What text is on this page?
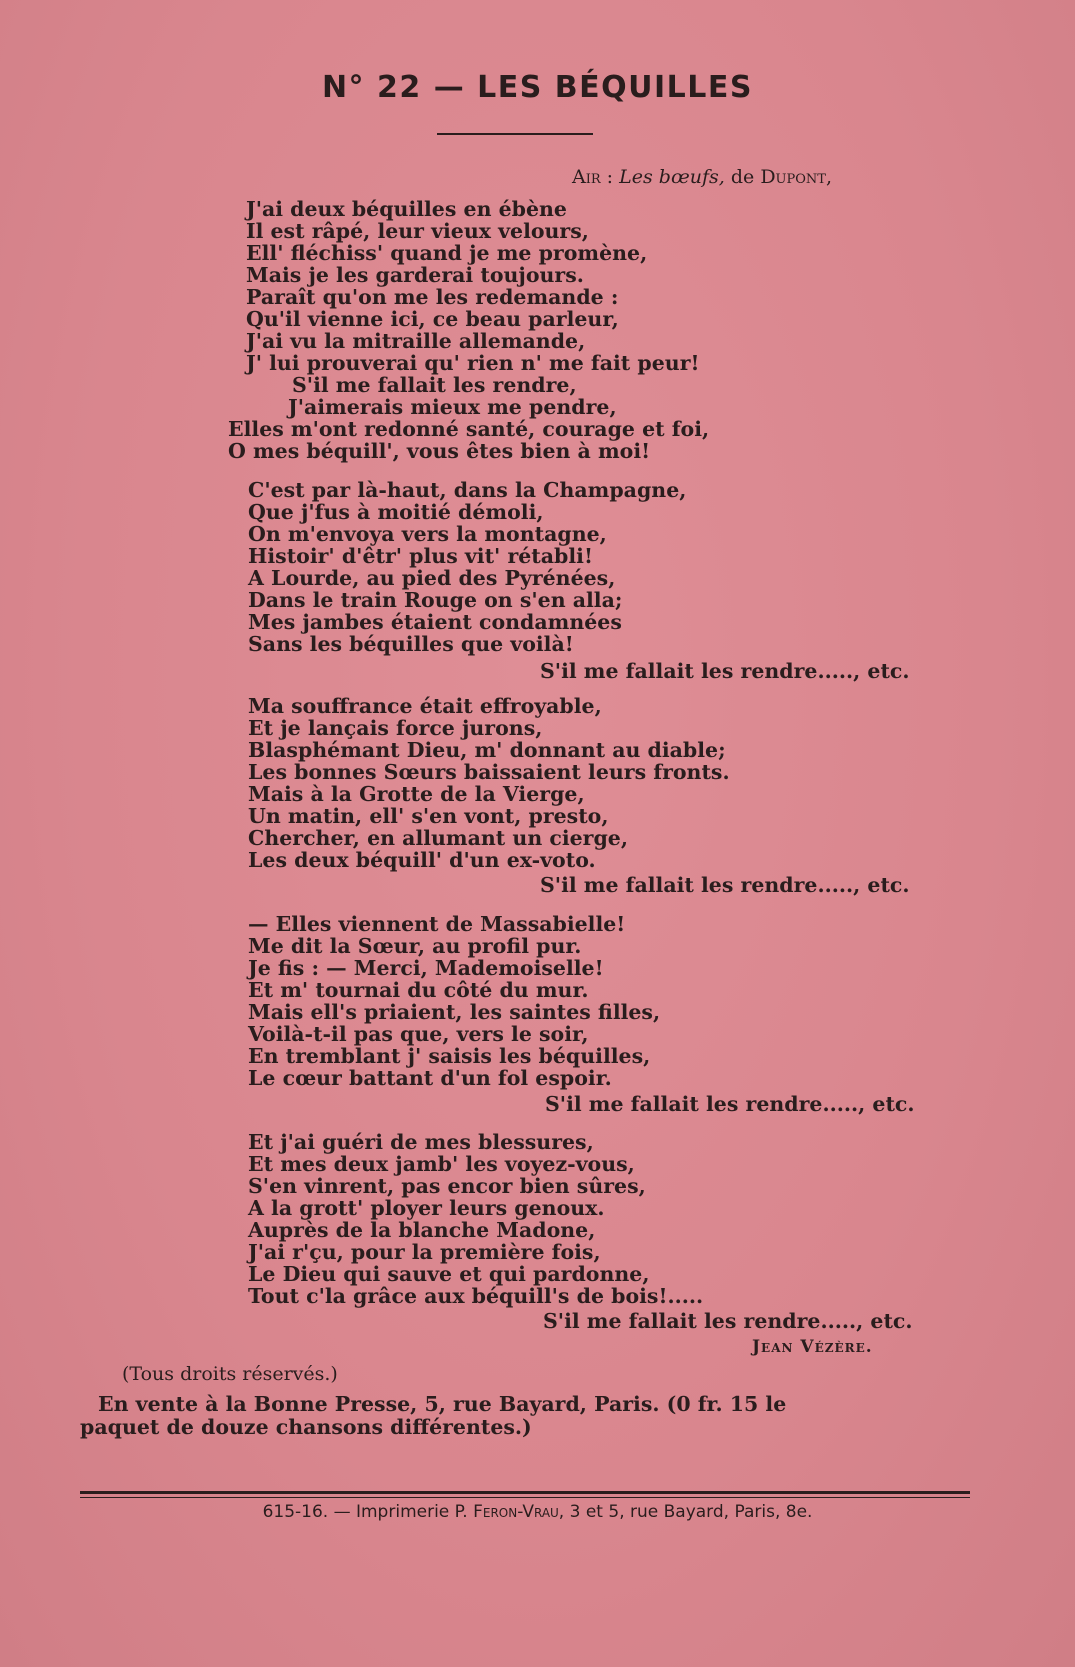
N° 22 — LES BÉQUILLES
Air : Les bœufs, de Dupont,
J'ai deux béquilles en ébène
Il est râpé, leur vieux velours,
Ell' fléchiss' quand je me promène,
Mais je les garderai toujours.
Paraît qu'on me les redemande :
Qu'il vienne ici, ce beau parleur,
J'ai vu la mitraille allemande,
J' lui prouverai qu' rien n' me fait peur!
S'il me fallait les rendre,
J'aimerais mieux me pendre,
Elles m'ont redonné santé, courage et foi,
O mes béquill', vous êtes bien à moi!
C'est par là-haut, dans la Champagne,
Que j'fus à moitié démoli,
On m'envoya vers la montagne,
Histoir' d'êtr' plus vit' rétabli!
A Lourde, au pied des Pyrénées,
Dans le train Rouge on s'en alla;
Mes jambes étaient condamnées
Sans les béquilles que voilà!
S'il me fallait les rendre....., etc.
Ma souffrance était effroyable,
Et je lançais force jurons,
Blasphémant Dieu, m' donnant au diable;
Les bonnes Sœurs baissaient leurs fronts.
Mais à la Grotte de la Vierge,
Un matin, ell' s'en vont, presto,
Chercher, en allumant un cierge,
Les deux béquill' d'un ex-voto.
S'il me fallait les rendre....., etc.
— Elles viennent de Massabielle!
Me dit la Sœur, au profil pur.
Je fis : — Merci, Mademoiselle!
Et m' tournai du côté du mur.
Mais ell's priaient, les saintes filles,
Voilà-t-il pas que, vers le soir,
En tremblant j' saisis les béquilles,
Le cœur battant d'un fol espoir.
S'il me fallait les rendre....., etc.
Et j'ai guéri de mes blessures,
Et mes deux jamb' les voyez-vous,
S'en vinrent, pas encor bien sûres,
A la grott' ployer leurs genoux.
Auprès de la blanche Madone,
J'ai r'çu, pour la première fois,
Le Dieu qui sauve et qui pardonne,
Tout c'la grâce aux béquill's de bois!.....
S'il me fallait les rendre....., etc.
Jean Vézère.
(Tous droits réservés.)
En vente à la Bonne Presse, 5, rue Bayard, Paris. (0 fr. 15 le
paquet de douze chansons différentes.)
615-16. — Imprimerie P. Feron-Vrau, 3 et 5, rue Bayard, Paris, 8e.
